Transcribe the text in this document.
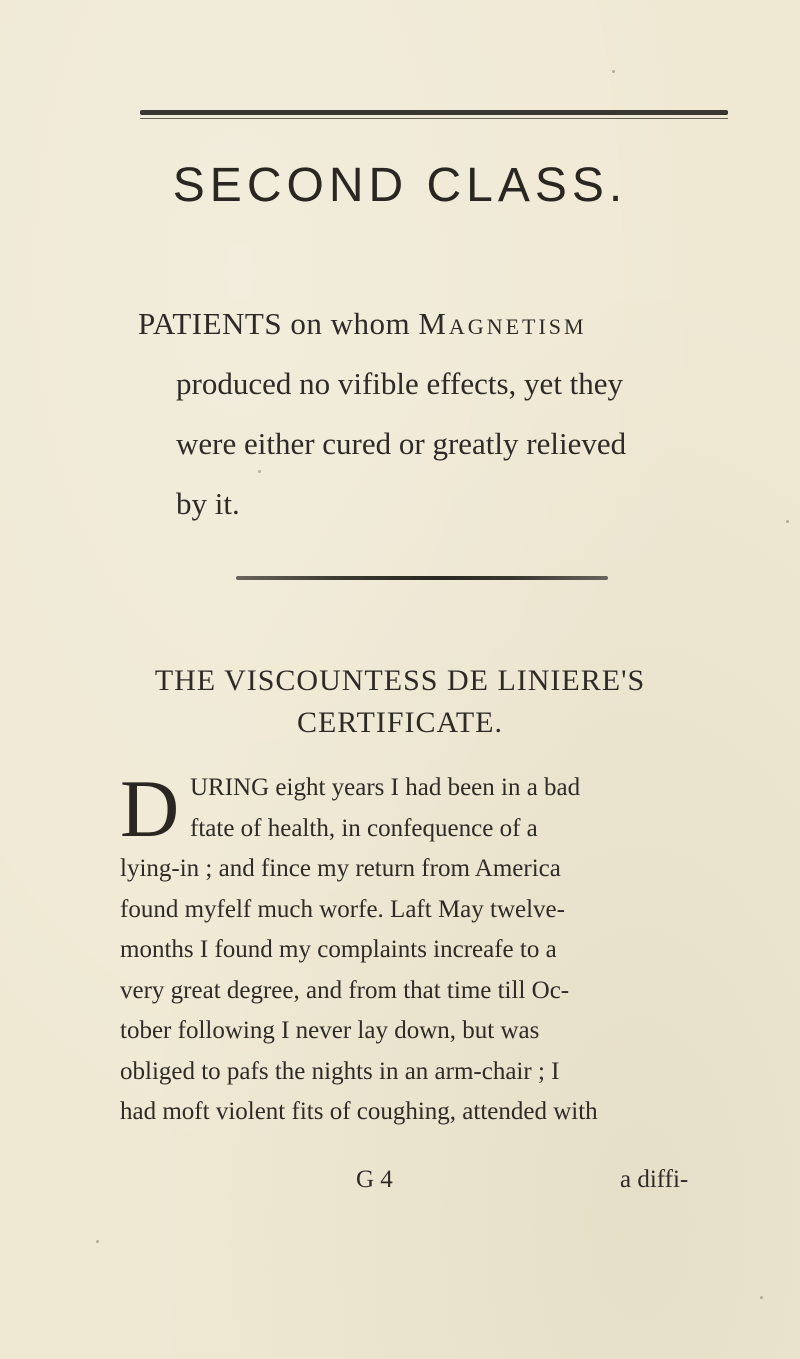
SECOND CLASS.
PATIENTS on whom Magnetism
produced no vifible effects, yet they
were either cured or greatly relieved
by it.
THE VISCOUNTESS DE LINIERE'S
CERTIFICATE.
D URING eight years I had been in a bad
ftate of health, in confequence of a
lying-in ; and fince my return from America
found myfelf much worfe. Laft May twelve-
months I found my complaints increafe to a
very great degree, and from that time till Oc-
tober following I never lay down, but was
obliged to pafs the nights in an arm-chair ; I
had moft violent fits of coughing, attended with
G 4	a diffi-
